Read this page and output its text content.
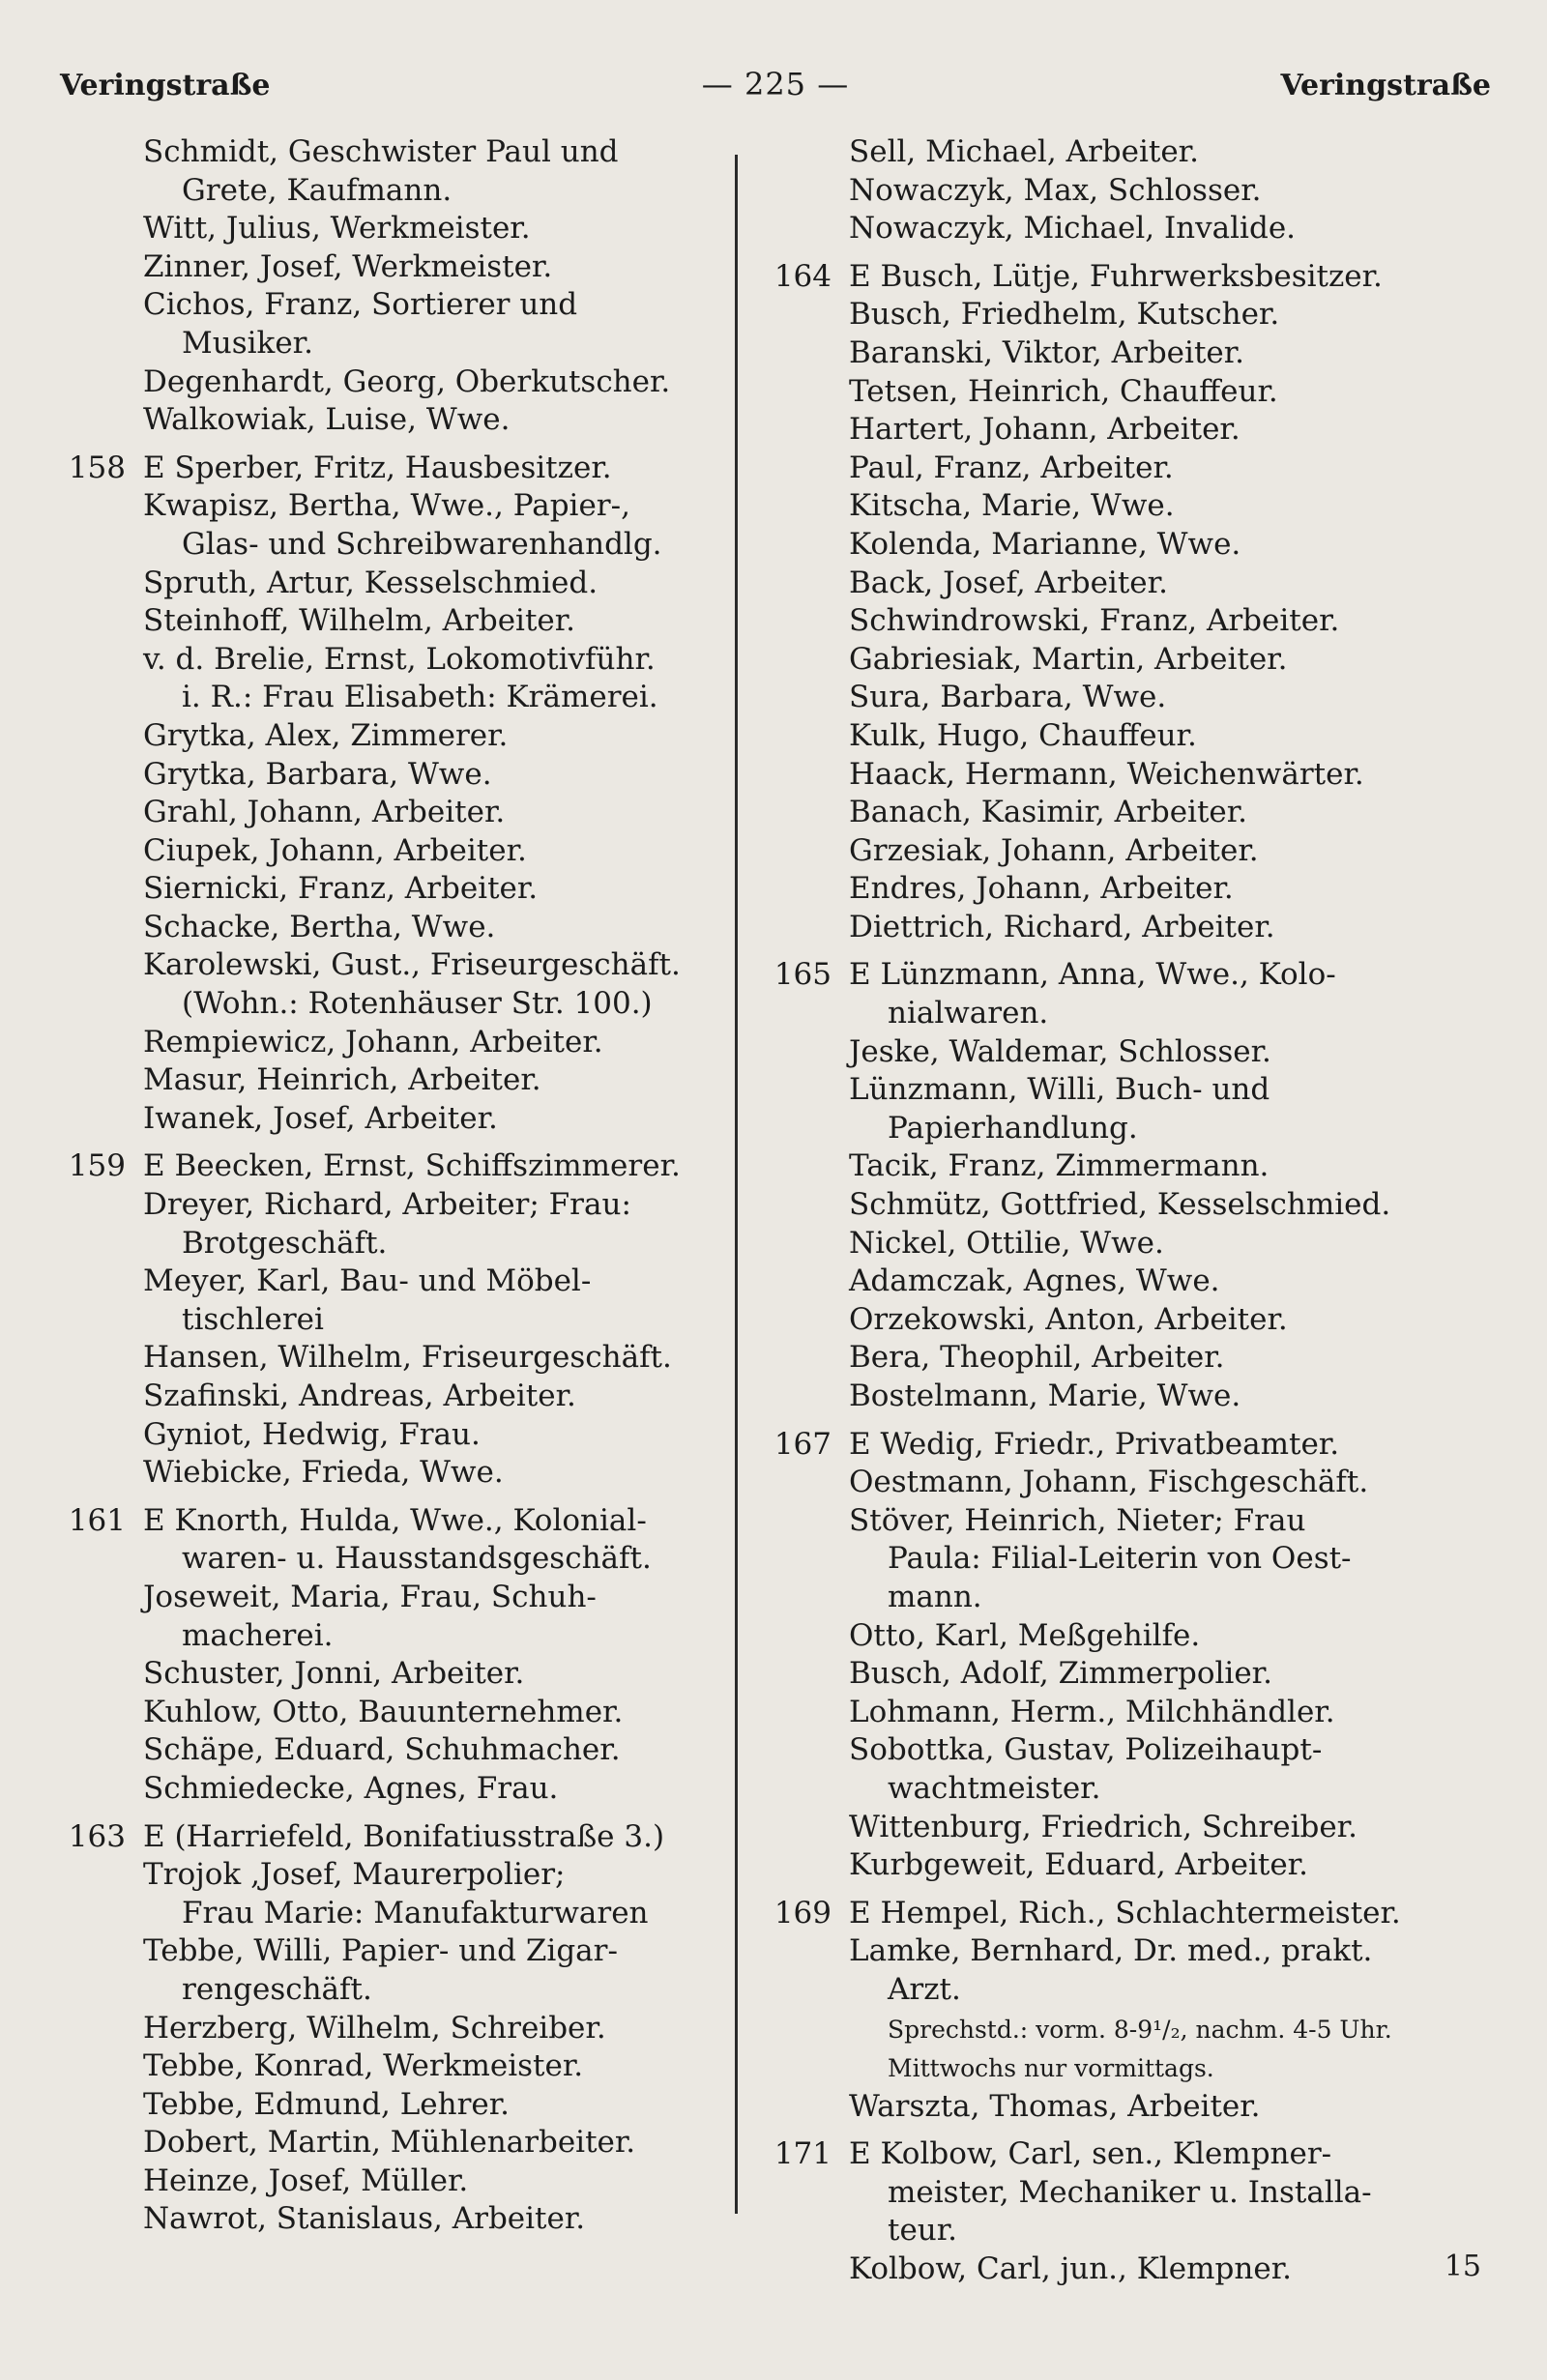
Veringstraße	— 225 —	Veringstraße
Schmidt, Geschwister Paul und
Grete, Kaufmann.
Witt, Julius, Werkmeister.
Zinner, Josef, Werkmeister.
Cichos, Franz, Sortierer und
Musiker.
Degenhardt, Georg, Oberkutscher.
Walkowiak, Luise, Wwe.
158 E Sperber, Fritz, Hausbesitzer.
Kwapisz, Bertha, Wwe., Papier-,
Glas- und Schreibwarenhandlg.
Spruth, Artur, Kesselschmied.
Steinhoff, Wilhelm, Arbeiter.
v. d. Brelie, Ernst, Lokomotivführ.
i. R.: Frau Elisabeth: Krämerei.
Grytka, Alex, Zimmerer.
Grytka, Barbara, Wwe.
Grahl, Johann, Arbeiter.
Ciupek, Johann, Arbeiter.
Siernicki, Franz, Arbeiter.
Schacke, Bertha, Wwe.
Karolewski, Gust., Friseurgeschäft.
(Wohn.: Rotenhäuser Str. 100.)
Rempiewicz, Johann, Arbeiter.
Masur, Heinrich, Arbeiter.
Iwanek, Josef, Arbeiter.
159 E Beecken, Ernst, Schiffszimmerer.
Dreyer, Richard, Arbeiter; Frau:
Brotgeschäft.
Meyer, Karl, Bau- und Möbel-
tischlerei
Hansen, Wilhelm, Friseurgeschäft.
Szafinski, Andreas, Arbeiter.
Gyniot, Hedwig, Frau.
Wiebicke, Frieda, Wwe.
161 E Knorth, Hulda, Wwe., Kolonial-
waren- u. Hausstandsgeschäft.
Joseweit, Maria, Frau, Schuh-
macherei.
Schuster, Jonni, Arbeiter.
Kuhlow, Otto, Bauunternehmer.
Schäpe, Eduard, Schuhmacher.
Schmiedecke, Agnes, Frau.
163 E (Harriefeld, Bonifatiusstraße 3.)
Trojok ,Josef, Maurerpolier;
Frau Marie: Manufakturwaren
Tebbe, Willi, Papier- und Zigar-
rengeschäft.
Herzberg, Wilhelm, Schreiber.
Tebbe, Konrad, Werkmeister.
Tebbe, Edmund, Lehrer.
Dobert, Martin, Mühlenarbeiter.
Heinze, Josef, Müller.
Nawrot, Stanislaus, Arbeiter.
Sell, Michael, Arbeiter.
Nowaczyk, Max, Schlosser.
Nowaczyk, Michael, Invalide.
164 E Busch, Lütje, Fuhrwerksbesitzer.
Busch, Friedhelm, Kutscher.
Baranski, Viktor, Arbeiter.
Tetsen, Heinrich, Chauffeur.
Hartert, Johann, Arbeiter.
Paul, Franz, Arbeiter.
Kitscha, Marie, Wwe.
Kolenda, Marianne, Wwe.
Back, Josef, Arbeiter.
Schwindrowski, Franz, Arbeiter.
Gabriesiak, Martin, Arbeiter.
Sura, Barbara, Wwe.
Kulk, Hugo, Chauffeur.
Haack, Hermann, Weichenwärter.
Banach, Kasimir, Arbeiter.
Grzesiak, Johann, Arbeiter.
Endres, Johann, Arbeiter.
Diettrich, Richard, Arbeiter.
165 E Lünzmann, Anna, Wwe., Kolo-
nialwaren.
Jeske, Waldemar, Schlosser.
Lünzmann, Willi, Buch- und
Papierhandlung.
Tacik, Franz, Zimmermann.
Schmütz, Gottfried, Kesselschmied.
Nickel, Ottilie, Wwe.
Adamczak, Agnes, Wwe.
Orzekowski, Anton, Arbeiter.
Bera, Theophil, Arbeiter.
Bostelmann, Marie, Wwe.
167 E Wedig, Friedr., Privatbeamter.
Oestmann, Johann, Fischgeschäft.
Stöver, Heinrich, Nieter; Frau
Paula: Filial-Leiterin von Oest-
mann.
Otto, Karl, Meßgehilfe.
Busch, Adolf, Zimmerpolier.
Lohmann, Herm., Milchhändler.
Sobottka, Gustav, Polizeihaupt-
wachtmeister.
Wittenburg, Friedrich, Schreiber.
Kurbgeweit, Eduard, Arbeiter.
169 E Hempel, Rich., Schlachtermeister.
Lamke, Bernhard, Dr. med., prakt.
Arzt.
Sprechstd.: vorm. 8-9¹/₂, nachm. 4-5 Uhr.
Mittwochs nur vormittags.
Warszta, Thomas, Arbeiter.
171 E Kolbow, Carl, sen., Klempner-
meister, Mechaniker u. Installa-
teur.
Kolbow, Carl, jun., Klempner.	15
